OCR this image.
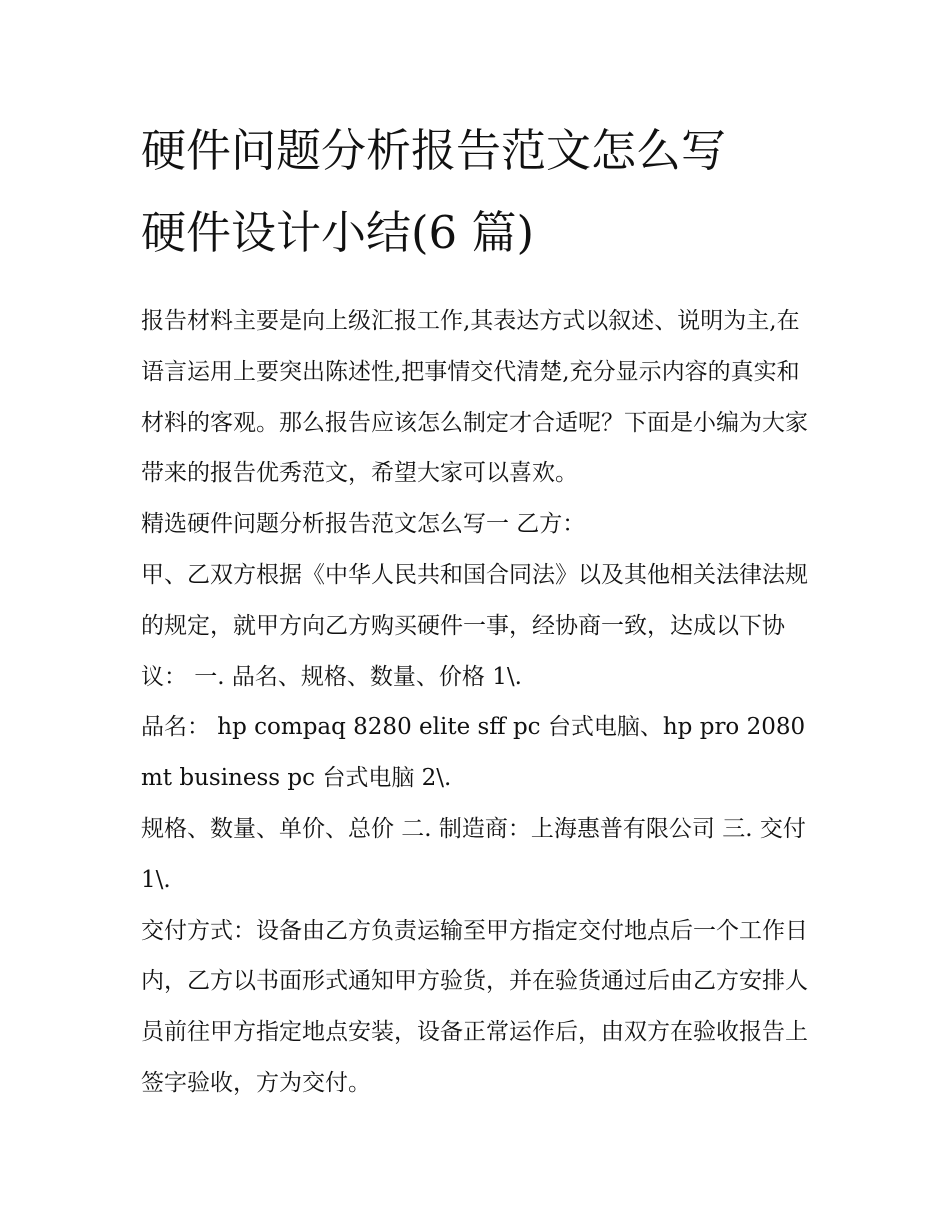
硬件问题分析报告范文怎么写
硬件设计小结(6 篇)

报告材料主要是向上级汇报工作,其表达方式以叙述、说明为主,在语言运用上要突出陈述性,把事情交代清楚,充分显示内容的真实和材料的客观。那么报告应该怎么制定才合适呢？下面是小编为大家带来的报告优秀范文，希望大家可以喜欢。

精选硬件问题分析报告范文怎么写一 乙方：

甲、乙双方根据《中华人民共和国合同法》以及其他相关法律法规的规定，就甲方向乙方购买硬件一事，经协商一致，达成以下协议： 一. 品名、规格、数量、价格 1\.

品名： hp compaq 8280 elite sff pc 台式电脑、hp pro 2080 mt business pc 台式电脑 2\.

规格、数量、单价、总价 二. 制造商：上海惠普有限公司 三. 交付 1\.

交付方式：设备由乙方负责运输至甲方指定交付地点后一个工作日内，乙方以书面形式通知甲方验货，并在验货通过后由乙方安排人员前往甲方指定地点安装，设备正常运作后，由双方在验收报告上签字验收，方为交付。
